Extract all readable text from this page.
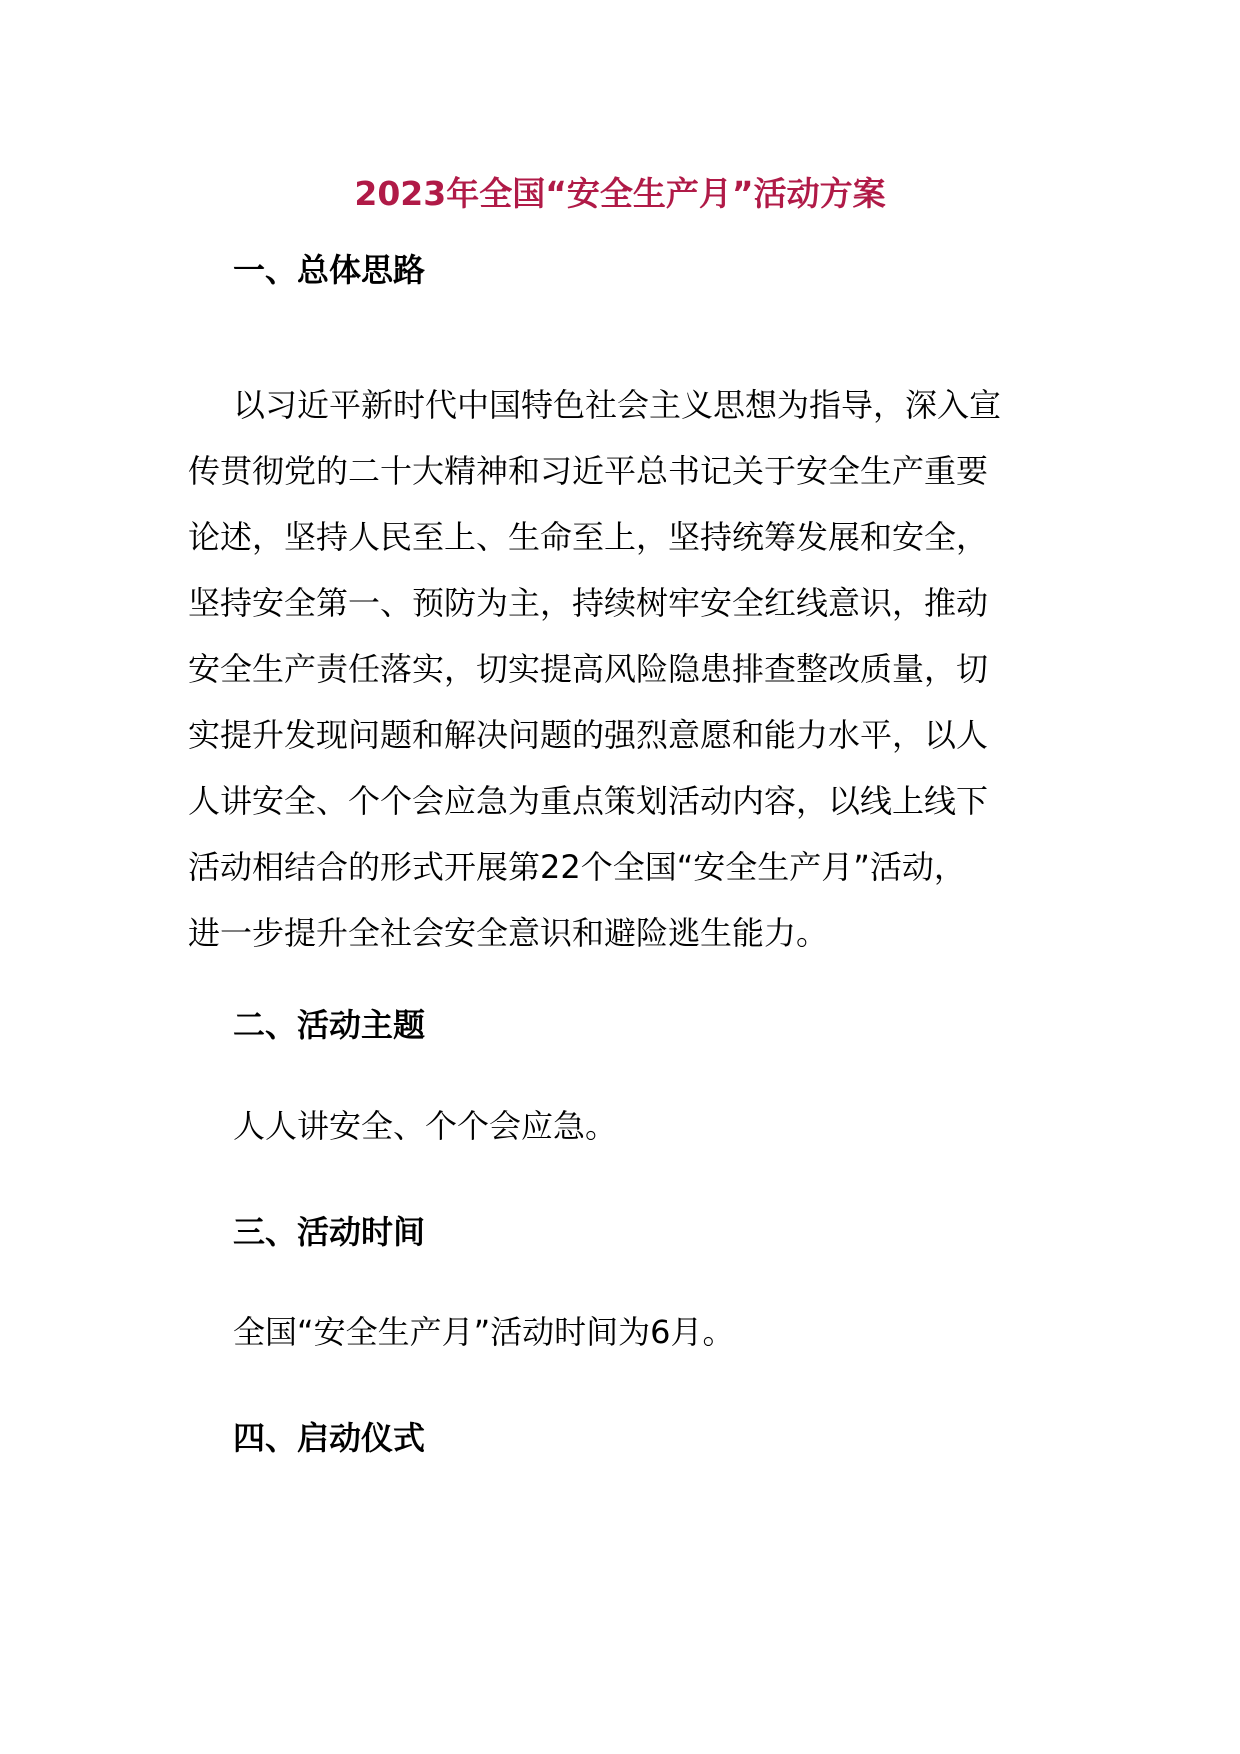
2023年全国“安全生产月”活动方案
一、总体思路
以习近平新时代中国特色社会主义思想为指导，深入宣
传贯彻党的二十大精神和习近平总书记关于安全生产重要
论述，坚持人民至上、生命至上，坚持统筹发展和安全，
坚持安全第一、预防为主，持续树牢安全红线意识，推动
安全生产责任落实，切实提高风险隐患排查整改质量，切
实提升发现问题和解决问题的强烈意愿和能力水平，以人
人讲安全、个个会应急为重点策划活动内容，以线上线下
活动相结合的形式开展第22个全国“安全生产月”活动，
进一步提升全社会安全意识和避险逃生能力。
二、活动主题

人人讲安全、个个会应急。

三、活动时间

全国“安全生产月”活动时间为6月。

四、启动仪式
